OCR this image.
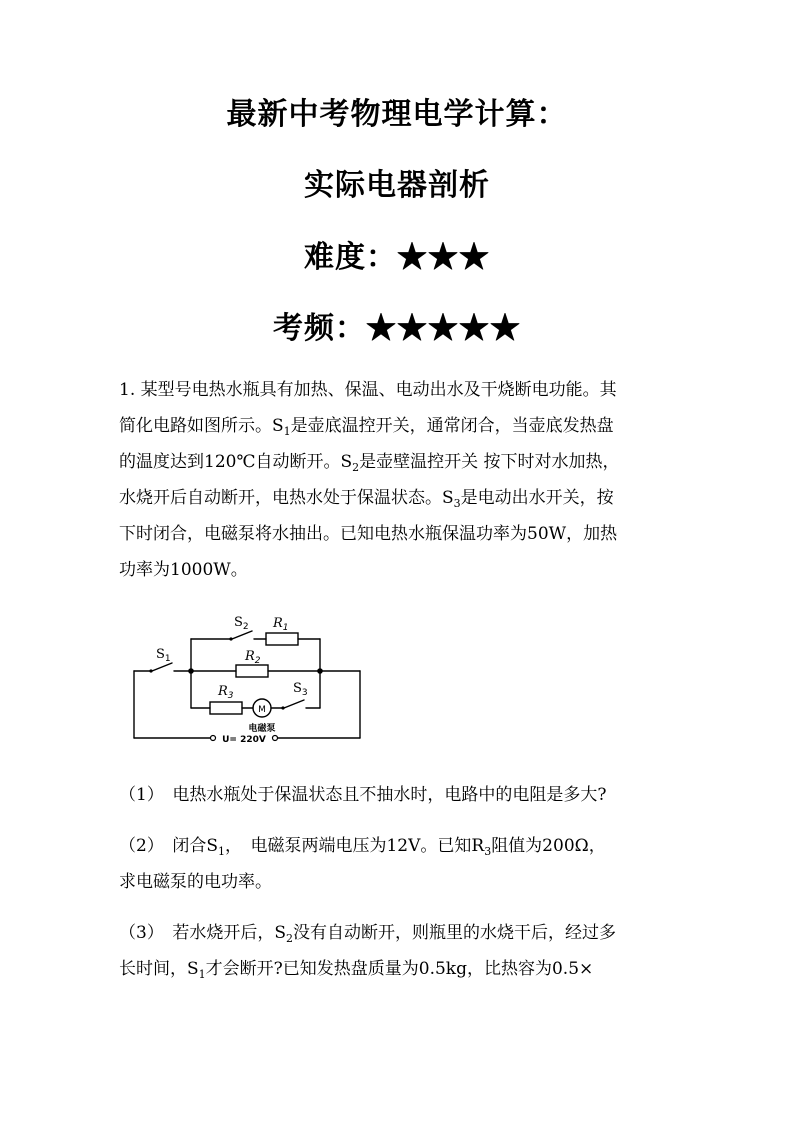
最新中考物理电学计算：
实际电器剖析
难度：★★★
考频：★★★★★
1. 某型号电热水瓶具有加热、保温、电动出水及干烧断电功能。其
简化电路如图所示。$S_1$是壶底温控开关，通常闭合，当壶底发热盘
的温度达到120℃自动断开。$S_2$是壶壁温控开关 按下时对水加热，
水烧开后自动断开，电热水处于保温状态。$S_3$是电动出水开关，按
下时闭合，电磁泵将水抽出。已知电热水瓶保温功率为50W，加热
功率为1000W。
$S_1$
$S_2$
$S_3$
$R_1$
$R_2$
$R_3$
M
电磁泵
U= 220V
（1）　电热水瓶处于保温状态且不抽水时，电路中的电阻是多大?
（2）　闭合$S_1$，　电磁泵两端电压为12V。已知$R_3$阻值为200Ω，
求电磁泵的电功率。
（3）　若水烧开后，$S_2$没有自动断开，则瓶里的水烧干后，经过多
长时间，$S_1$才会断开?已知发热盘质量为0.5kg，比热容为0.5×
